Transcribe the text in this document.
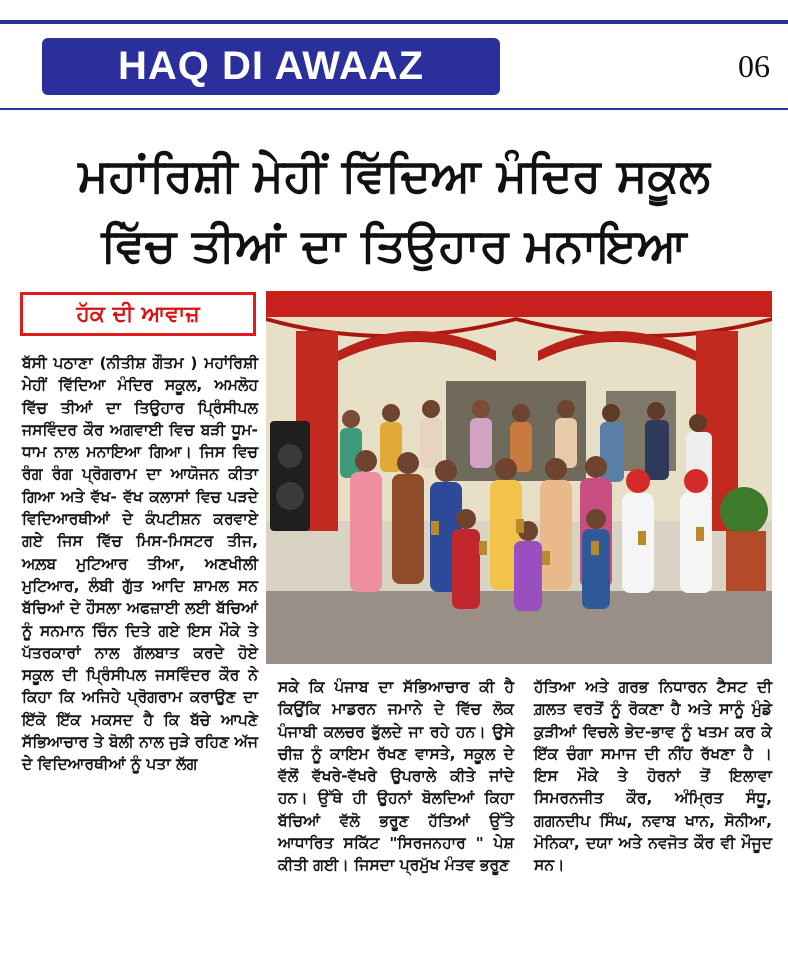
HAQ DI AWAAZ	06
ਮਹਾਂਰਿਸ਼ੀ ਮੇਹੀਂ ਵਿੱਦਿਆ ਮੰਦਿਰ ਸਕੂਲ
ਵਿੱਚ ਤੀਆਂ ਦਾ ਤਿਉਹਾਰ ਮਨਾਇਆ
ਹੱਕ ਦੀ ਆਵਾਜ਼
ਬੱਸੀ ਪਠਾਣਾ (ਨੀਤੀਸ਼ ਗੌਤਮ ) ਮਹਾਂਰਿਸ਼ੀ ਮੇਹੀਂ ਵਿੱਦਿਆ ਮੰਦਿਰ ਸਕੂਲ, ਅਮਲੋਹ ਵਿੱਚ ਤੀਆਂ ਦਾ ਤਿਉਹਾਰ ਪ੍ਰਿੰਸੀਪਲ ਜਸਵਿੰਦਰ ਕੌਰ ਅਗਵਾਈ ਵਿਚ ਬੜੀ ਧੂਮ-ਧਾਮ ਨਾਲ ਮਨਾਇਆ ਗਿਆ। ਜਿਸ ਵਿਚ ਰੰਗ ਰੰਗ ਪ੍ਰੋਗਰਾਮ ਦਾ ਆਯੋਜਨ ਕੀਤਾ ਗਿਆ ਅਤੇ ਵੱਖ- ਵੱਖ ਕਲਾਸਾਂ ਵਿਚ ਪੜਦੇ ਵਿਦਿਆਰਥੀਆਂ ਦੇ ਕੰਪਟੀਸ਼ਨ ਕਰਵਾਏ ਗਏ ਜਿਸ ਵਿੱਚ ਮਿਸ-ਮਿਸਟਰ ਤੀਜ, ਅਲ਼ਬ ਮੁਟਿਆਰ ਤੀਆ, ਅਣਖੀਲੀ ਮੁਟਿਆਰ, ਲੰਬੀ ਗੁੱਤ ਆਦਿ ਸ਼ਾਮਲ ਸਨ ਬੱਚਿਆਂ ਦੇ ਹੌਸਲਾ ਅਫਜ਼ਾਈ ਲਈ ਬੱਚਿਆਂ ਨੂੰ ਸਨਮਾਨ ਚਿੰਨ ਦਿਤੇ ਗਏ ਇਸ ਮੌਕੇ ਤੇ ਪੱਤਰਕਾਰਾਂ ਨਾਲ ਗੱਲਬਾਤ ਕਰਦੇ ਹੋਏ ਸਕੂਲ ਦੀ ਪ੍ਰਿੰਸੀਪਲ ਜਸਵਿੰਦਰ ਕੌਰ ਨੇ ਕਿਹਾ ਕਿ ਅਜਿਹੇ ਪ੍ਰੋਗਰਾਮ ਕਰਾਉਣ ਦਾ ਇੱਕੋ ਇੱਕ ਮਕਸਦ ਹੈ ਕਿ ਬੱਚੇ ਆਪਣੇ ਸੱਭਿਆਚਾਰ ਤੇ ਬੋਲੀ ਨਾਲ ਜੁੜੇ ਰਹਿਣ ਅੱਜ ਦੇ ਵਿਦਿਆਰਥੀਆਂ ਨੂੰ ਪਤਾ ਲੱਗ
ਸਕੇ ਕਿ ਪੰਜਾਬ ਦਾ ਸੱਭਿਆਚਾਰ ਕੀ ਹੈ ਕਿਉਂਕਿ ਮਾਡਰਨ ਜਮਾਨੇ ਦੇ ਵਿੱਚ ਲੋਕ ਪੰਜਾਬੀ ਕਲਚਰ ਭੁੱਲਦੇ ਜਾ ਰਹੇ ਹਨ। ਉਸੇ ਚੀਜ਼ ਨੂੰ ਕਾਇਮ ਰੱਖਣ ਵਾਸਤੇ, ਸਕੂਲ ਦੇ ਵੱਲੋਂ ਵੱਖਰੇ-ਵੱਖਰੇ ਉਪਰਾਲੇ ਕੀਤੇ ਜਾਂਦੇ ਹਨ। ਉੱਥੇ ਹੀ ਉਹਨਾਂ ਬੋਲਦਿਆਂ ਕਿਹਾ ਬੱਚਿਆਂ ਵੱਲੋ ਭਰੂਣ ਹੱਤਿਆਂ ਉੱਤੇ ਆਧਾਰਿਤ ਸਕਿੱਟ "ਸਿਰਜਨਹਾਰ " ਪੇਸ਼ ਕੀਤੀ ਗਈ। ਜਿਸਦਾ ਪ੍ਰਮੁੱਖ ਮੰਤਵ ਭਰੂਣ
ਹੱਤਿਆ ਅਤੇ ਗਰਭ ਨਿਧਾਰਨ ਟੈਸਟ ਦੀ ਗ਼ਲਤ ਵਰਤੋਂ ਨੂੰ ਰੋਕਣਾ ਹੈ ਅਤੇ ਸਾਨੂੰ ਮੁੰਡੇ ਕੁੜੀਆਂ ਵਿਚਲੇ ਭੇਦ-ਭਾਵ ਨੂੰ ਖਤਮ ਕਰ ਕੇ ਇੱਕ ਚੰਗਾ ਸਮਾਜ ਦੀ ਨੀਂਹ ਰੱਖਣਾ ਹੈ । ਇਸ ਮੌਕੇ ਤੇ ਹੋਰਨਾਂ ਤੋਂ ਇਲਾਵਾ ਸਿਮਰਨਜੀਤ ਕੌਰ, ਅੰਮ੍ਰਿਤ ਸੰਧੂ, ਗਗਨਦੀਪ ਸਿੰਘ, ਨਵਾਬ ਖਾਨ, ਸੋਨੀਆ, ਮੋਨਿਕਾ, ਦਯਾ ਅਤੇ ਨਵਜੋਤ ਕੌਰ ਵੀ ਮੌਜੂਦ ਸਨ।
